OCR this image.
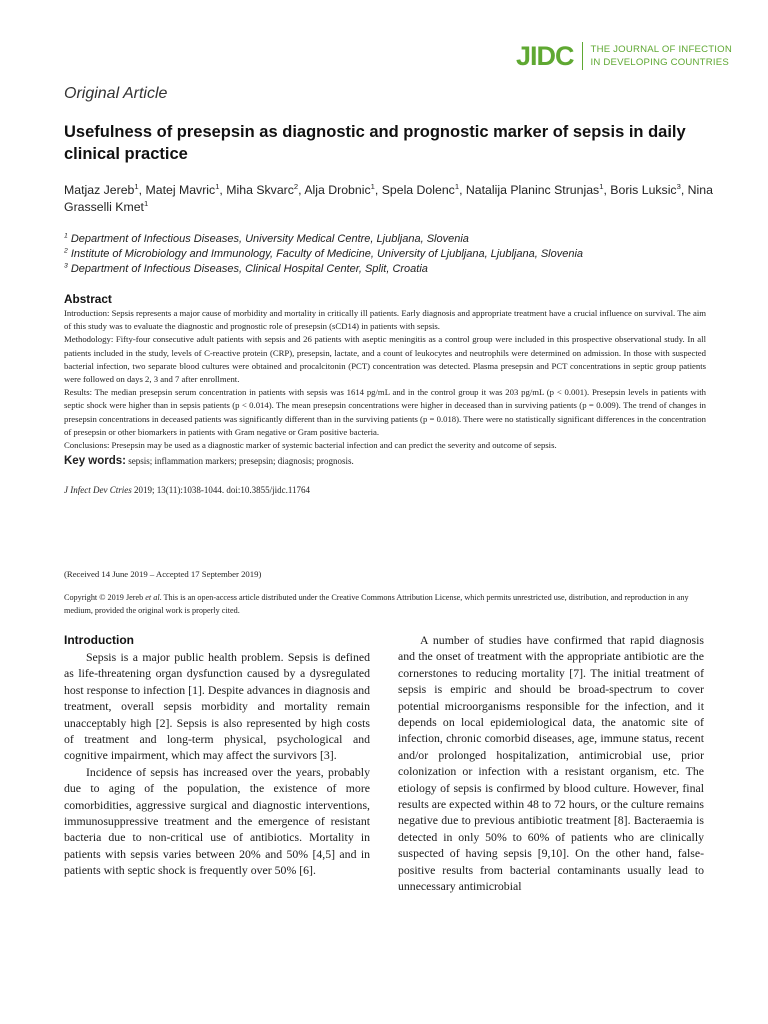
JIDC THE JOURNAL OF INFECTION
IN DEVELOPING COUNTRIES
Original Article
Usefulness of presepsin as diagnostic and prognostic marker of sepsis in daily clinical practice

Matjaz Jereb$^1$, Matej Mavric$^1$, Miha Skvarc$^2$, Alja Drobnic$^1$, Spela Dolenc$^1$, Natalija Planinc Strunjas$^1$, Boris Luksic$^3$, Nina Grasselli Kmet$^1$

$^1$ Department of Infectious Diseases, University Medical Centre, Ljubljana, Slovenia
$^2$ Institute of Microbiology and Immunology, Faculty of Medicine, University of Ljubljana, Ljubljana, Slovenia
$^3$ Department of Infectious Diseases, Clinical Hospital Center, Split, Croatia
Abstract

Introduction: Sepsis represents a major cause of morbidity and mortality in critically ill patients. Early diagnosis and appropriate treatment have a crucial influence on survival. The aim of this study was to evaluate the diagnostic and prognostic role of presepsin (sCD14) in patients with sepsis.

Methodology: Fifty-four consecutive adult patients with sepsis and 26 patients with aseptic meningitis as a control group were included in this prospective observational study. In all patients included in the study, levels of C-reactive protein (CRP), presepsin, lactate, and a count of leukocytes and neutrophils were determined on admission. In those with suspected bacterial infection, two separate blood cultures were obtained and procalcitonin (PCT) concentration was detected. Plasma presepsin and PCT concentrations in septic group patients were followed on days 2, 3 and 7 after enrollment.

Results: The median presepsin serum concentration in patients with sepsis was 1614 pg/mL and in the control group it was 203 pg/mL (p < 0.001). Presepsin levels in patients with septic shock were higher than in sepsis patients (p < 0.014). The mean presepsin concentrations were higher in deceased than in surviving patients (p = 0.009). The trend of changes in presepsin concentrations in deceased patients was significantly different than in the surviving patients (p = 0.018). There were no statistically significant differences in the concentration of presepsin or other biomarkers in patients with Gram negative or Gram positive bacteria.

Conclusions: Presepsin may be used as a diagnostic marker of systemic bacterial infection and can predict the severity and outcome of sepsis.

Key words: sepsis; inflammation markers; presepsin; diagnosis; prognosis.
J Infect Dev Ctries 2019; 13(11):1038-1044. doi:10.3855/jidc.11764
(Received 14 June 2019 – Accepted 17 September 2019)
Copyright © 2019 Jereb et al. This is an open-access article distributed under the Creative Commons Attribution License, which permits unrestricted use, distribution, and reproduction in any medium, provided the original work is properly cited.
Introduction

Sepsis is a major public health problem. Sepsis is defined as life-threatening organ dysfunction caused by a dysregulated host response to infection [1]. Despite advances in diagnosis and treatment, overall sepsis morbidity and mortality remain unacceptably high [2]. Sepsis is also represented by high costs of treatment and long-term physical, psychological and cognitive impairment, which may affect the survivors [3].

Incidence of sepsis has increased over the years, probably due to aging of the population, the existence of more comorbidities, aggressive surgical and diagnostic interventions, immunosuppressive treatment and the emergence of resistant bacteria due to non-critical use of antibiotics. Mortality in patients with sepsis varies between 20% and 50% [4,5] and in patients with septic shock is frequently over 50% [6].

A number of studies have confirmed that rapid diagnosis and the onset of treatment with the appropriate antibiotic are the cornerstones to reducing mortality [7]. The initial treatment of sepsis is empiric and should be broad-spectrum to cover potential microorganisms responsible for the infection, and it depends on local epidemiological data, the anatomic site of infection, chronic comorbid diseases, age, immune status, recent and/or prolonged hospitalization, antimicrobial use, prior colonization or infection with a resistant organism, etc. The etiology of sepsis is confirmed by blood culture. However, final results are expected within 48 to 72 hours, or the culture remains negative due to previous antibiotic treatment [8]. Bacteraemia is detected in only 50% to 60% of patients who are clinically suspected of having sepsis [9,10]. On the other hand, false-positive results from bacterial contaminants usually lead to unnecessary antimicrobial
